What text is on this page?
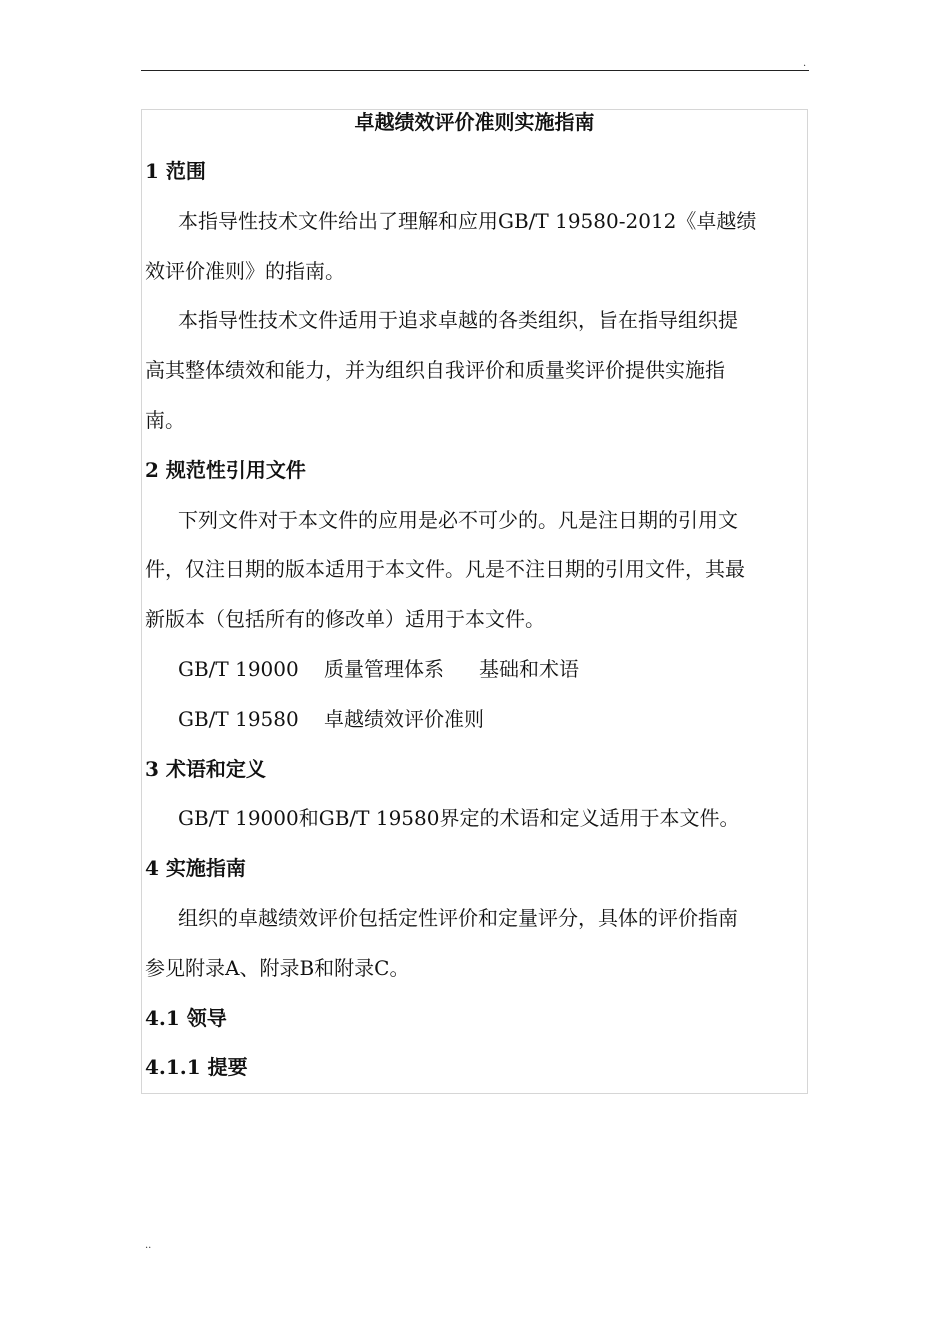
.
卓越绩效评价准则实施指南
1 范围
本指导性技术文件给出了理解和应用GB/T 19580-2012《卓越绩
效评价准则》的指南。
本指导性技术文件适用于追求卓越的各类组织，旨在指导组织提
高其整体绩效和能力，并为组织自我评价和质量奖评价提供实施指
南。
2 规范性引用文件
下列文件对于本文件的应用是必不可少的。凡是注日期的引用文
件，仅注日期的版本适用于本文件。凡是不注日期的引用文件，其最
新版本（包括所有的修改单）适用于本文件。
GB/T 19000 质量管理体系 基础和术语
GB/T 19580 卓越绩效评价准则
3 术语和定义
GB/T 19000和GB/T 19580界定的术语和定义适用于本文件。
4 实施指南
组织的卓越绩效评价包括定性评价和定量评分，具体的评价指南
参见附录A、附录B和附录C。
4.1 领导
4.1.1 提要
..
